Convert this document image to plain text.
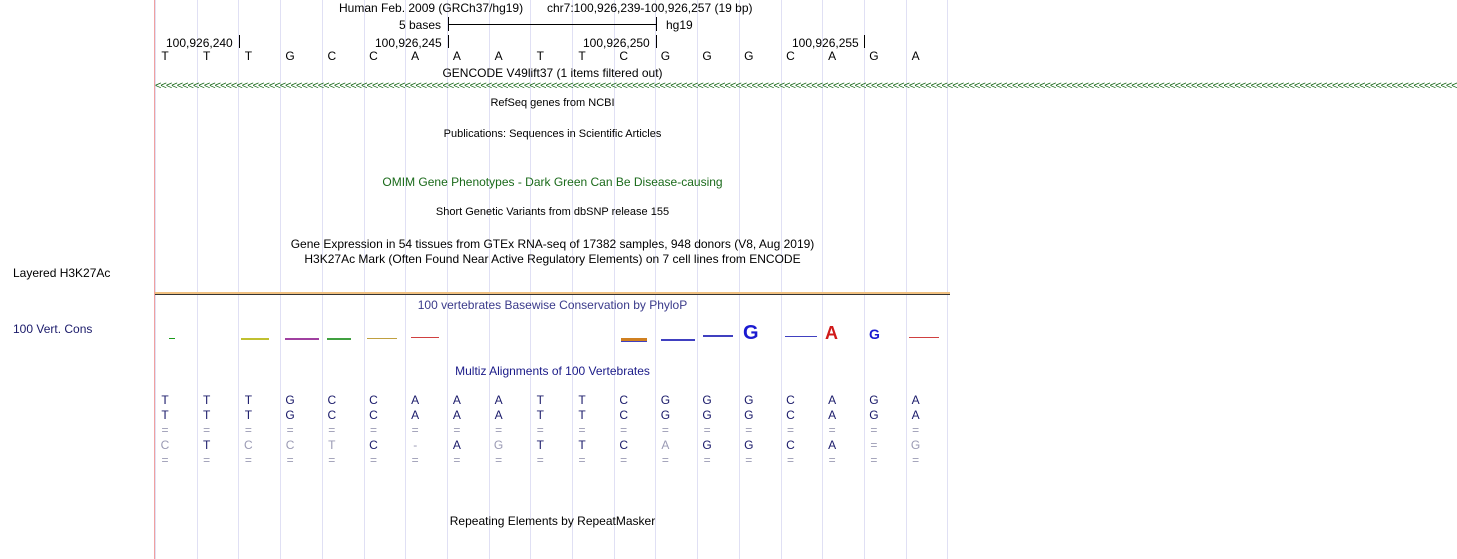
Layered H3K27Ac
100 Vert. Cons
Human Feb. 2009 (GRCh37/hg19) chr7:100,926,239-100,926,257 (19 bp)
5 bases	hg19
100,926,240	100,926,245	100,926,250	100,926,255
T	T	T	G	C	C	A	A	A	T	T	C	G	G	G	C	A	G	A
GENCODE V49lift37 (1 items filtered out)
<<<<<<<<<<<<<<<<<<<<<<<<<<<<<<<<<<<<<<<<<<<<<<<<<<<<<<<<<<<<<<<<<<<<<<<<<<<<<<<<<<<<<<<<<<<<<<<<<<<<<<<<<<<<<<<<<<<<<<<<<<<<<<<<<<<<<<<<<<<<<<<<<<<<<<<<<<<<<<<<<<<<<<<<<<<<<<<<<<<<<<<<<<<<<<<<<<<<<<<<<<<<<<<<<<<<<<<<<<<<<<<<<<<<<<<<<<<<<<<<
RefSeq genes from NCBI
Publications: Sequences in Scientific Articles
OMIM Gene Phenotypes - Dark Green Can Be Disease-causing
Short Genetic Variants from dbSNP release 155
Gene Expression in 54 tissues from GTEx RNA-seq of 17382 samples, 948 donors (V8, Aug 2019)
H3K27Ac Mark (Often Found Near Active Regulatory Elements) on 7 cell lines from ENCODE
100 vertebrates Basewise Conservation by PhyloP
G	A G
Multiz Alignments of 100 Vertebrates
T	T	T	G	C	C	A	A	A	T	T	C	G	G	G	C	A	G	A
T	T	T	G	C	C	A	A	A	T	T	C	G	G	G	C	A	G	A
=	=	=	=	=	=	=	=	=	=	=	=	=	=	=	=	=	=	=
C	T	C	C	T	C	-	A	G	T	T	C	A	G	G	C	A	=	G
=	=	=	=	=	=	=	=	=	=	=	=	=	=	=	=	=	=	=
Repeating Elements by RepeatMasker
